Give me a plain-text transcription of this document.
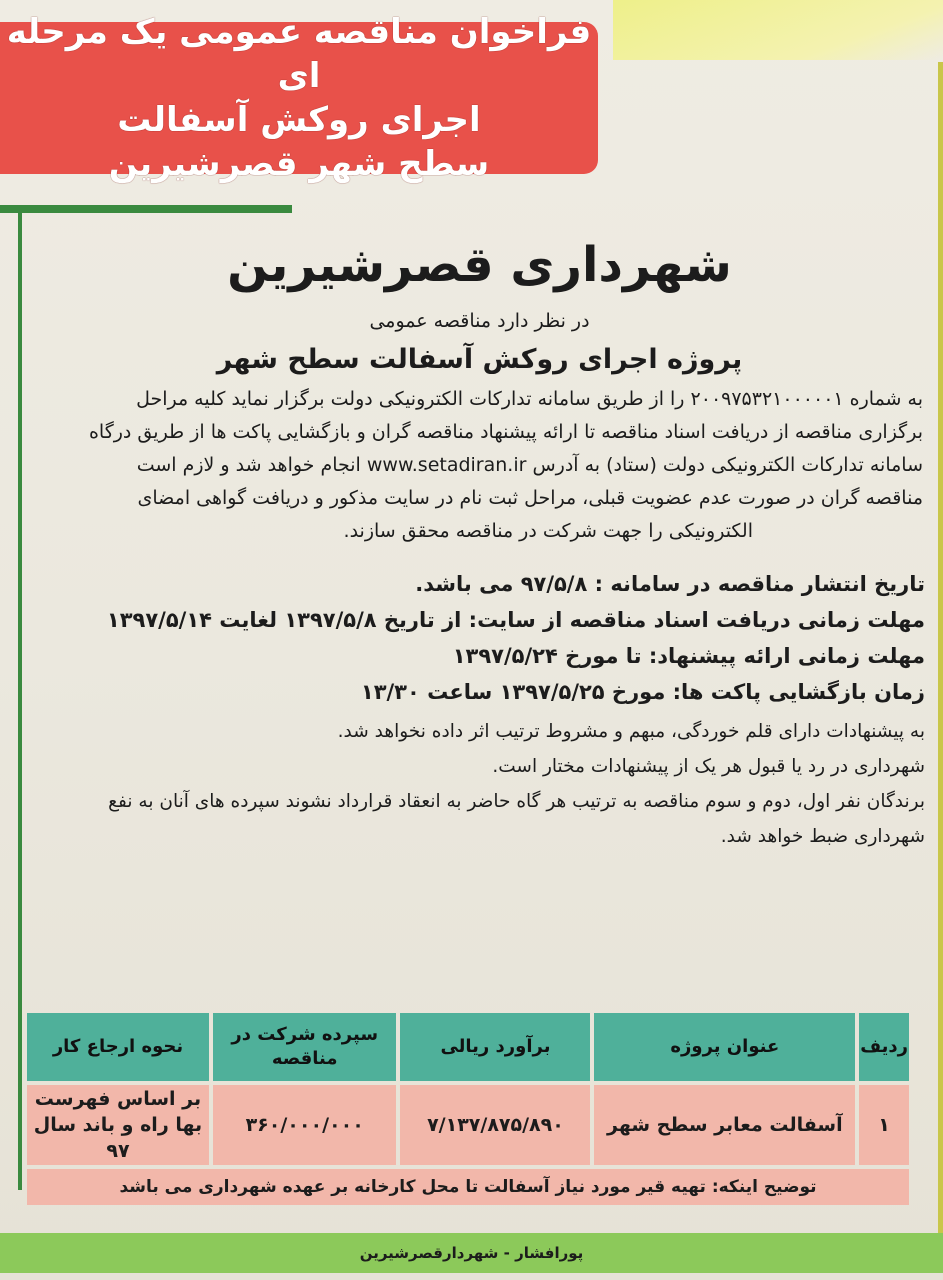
فراخوان مناقصه عمومی یک مرحله ای
اجرای روکش آسفالت
سطح شهر قصرشیرین
شهرداری قصرشیرین
در نظر دارد مناقصه عمومی
پروژه اجرای روکش آسفالت سطح شهر
به شماره ۲۰۰۹۷۵۳۲۱۰۰۰۰۰۱ را از طریق سامانه تداركات الكترونیكی دولت برگزار نماید كلیه مراحل
برگزاری مناقصه از دریافت اسناد مناقصه تا ارائه پیشنهاد مناقصه گران و بازگشایی پاكت ها از طریق درگاه
سامانه تداركات الكترونیكی دولت (ستاد) به آدرس www.setadiran.ir انجام خواهد شد و لازم است
مناقصه گران در صورت عدم عضویت قبلی، مراحل ثبت نام در سایت مذكور و دریافت گواهی امضای
الكترونیكی را جهت شركت در مناقصه محقق سازند.
تاریخ انتشار مناقصه در سامانه : ۹۷/۵/۸ می باشد.
مهلت زمانی دریافت اسناد مناقصه از سایت: از تاریخ ۱۳۹۷/۵/۸ لغایت ۱۳۹۷/۵/۱۴
مهلت زمانی ارائه پیشنهاد: تا مورخ ۱۳۹۷/۵/۲۴
زمان بازگشایی پاكت ها: مورخ ۱۳۹۷/۵/۲۵ ساعت ۱۳/۳۰
به پیشنهادات دارای قلم خوردگی، مبهم و مشروط ترتیب اثر داده نخواهد شد.
شهرداری در رد یا قبول هر یک از پیشنهادات مختار است.
برندگان نفر اول، دوم و سوم مناقصه به ترتیب هر گاه حاضر به انعقاد قرارداد نشوند سپرده های آنان به نفع
شهرداری ضبط خواهد شد.
ردیف	عنوان پروژه	برآورد ریالی	سپرده شركت در مناقصه	نحوه ارجاع كار
۱	آسفالت معابر سطح شهر	۷/۱۳۷/۸۷۵/۸۹۰	۳۶۰/۰۰۰/۰۰۰	بر اساس فهرست بها راه و باند سال ۹۷
توضیح اینكه: تهیه قیر مورد نیاز آسفالت تا محل كارخانه بر عهده شهرداری می باشد				
پورافشار - شهردارقصرشیرین
